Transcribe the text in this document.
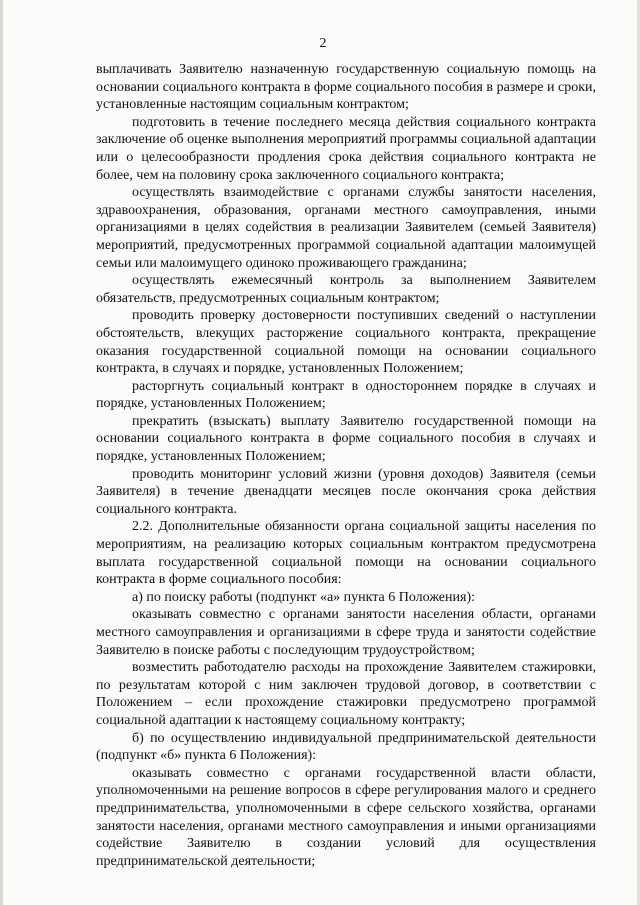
2

выплачивать Заявителю назначенную государственную социальную помощь на основании социального контракта в форме социального пособия в размере и сроки, установленные настоящим социальным контрактом;

подготовить в течение последнего месяца действия социального контракта заключение об оценке выполнения мероприятий программы социальной адаптации или о целесообразности продления срока действия социального контракта не более, чем на половину срока заключенного социального контракта;

осуществлять взаимодействие с органами службы занятости населения, здравоохранения, образования, органами местного самоуправления, иными организациями в целях содействия в реализации Заявителем (семьей Заявителя) мероприятий, предусмотренных программой социальной адаптации малоимущей семьи или малоимущего одиноко проживающего гражданина;

осуществлять ежемесячный контроль за выполнением Заявителем обязательств, предусмотренных социальным контрактом;

проводить проверку достоверности поступивших сведений о наступлении обстоятельств, влекущих расторжение социального контракта, прекращение оказания государственной социальной помощи на основании социального контракта, в случаях и порядке, установленных Положением;

расторгнуть социальный контракт в одностороннем порядке в случаях и порядке, установленных Положением;

прекратить (взыскать) выплату Заявителю государственной помощи на основании социального контракта в форме социального пособия в случаях и порядке, установленных Положением;

проводить мониторинг условий жизни (уровня доходов) Заявителя (семьи Заявителя) в течение двенадцати месяцев после окончания срока действия социального контракта.

2.2. Дополнительные обязанности органа социальной защиты населения по мероприятиям, на реализацию которых социальным контрактом предусмотрена выплата государственной социальной помощи на основании социального контракта в форме социального пособия:

а) по поиску работы (подпункт «а» пункта 6 Положения):

оказывать совместно с органами занятости населения области, органами местного самоуправления и организациями в сфере труда и занятости содействие Заявителю в поиске работы с последующим трудоустройством;

возместить работодателю расходы на прохождение Заявителем стажировки, по результатам которой с ним заключен трудовой договор, в соответствии с Положением – если прохождение стажировки предусмотрено программой социальной адаптации к настоящему социальному контракту;

б) по осуществлению индивидуальной предпринимательской деятельности (подпункт «б» пункта 6 Положения):

оказывать совместно с органами государственной власти области, уполномоченными на решение вопросов в сфере регулирования малого и среднего предпринимательства, уполномоченными в сфере сельского хозяйства, органами занятости населения, органами местного самоуправления и иными организациями содействие Заявителю в создании условий для осуществления предпринимательской деятельности;
